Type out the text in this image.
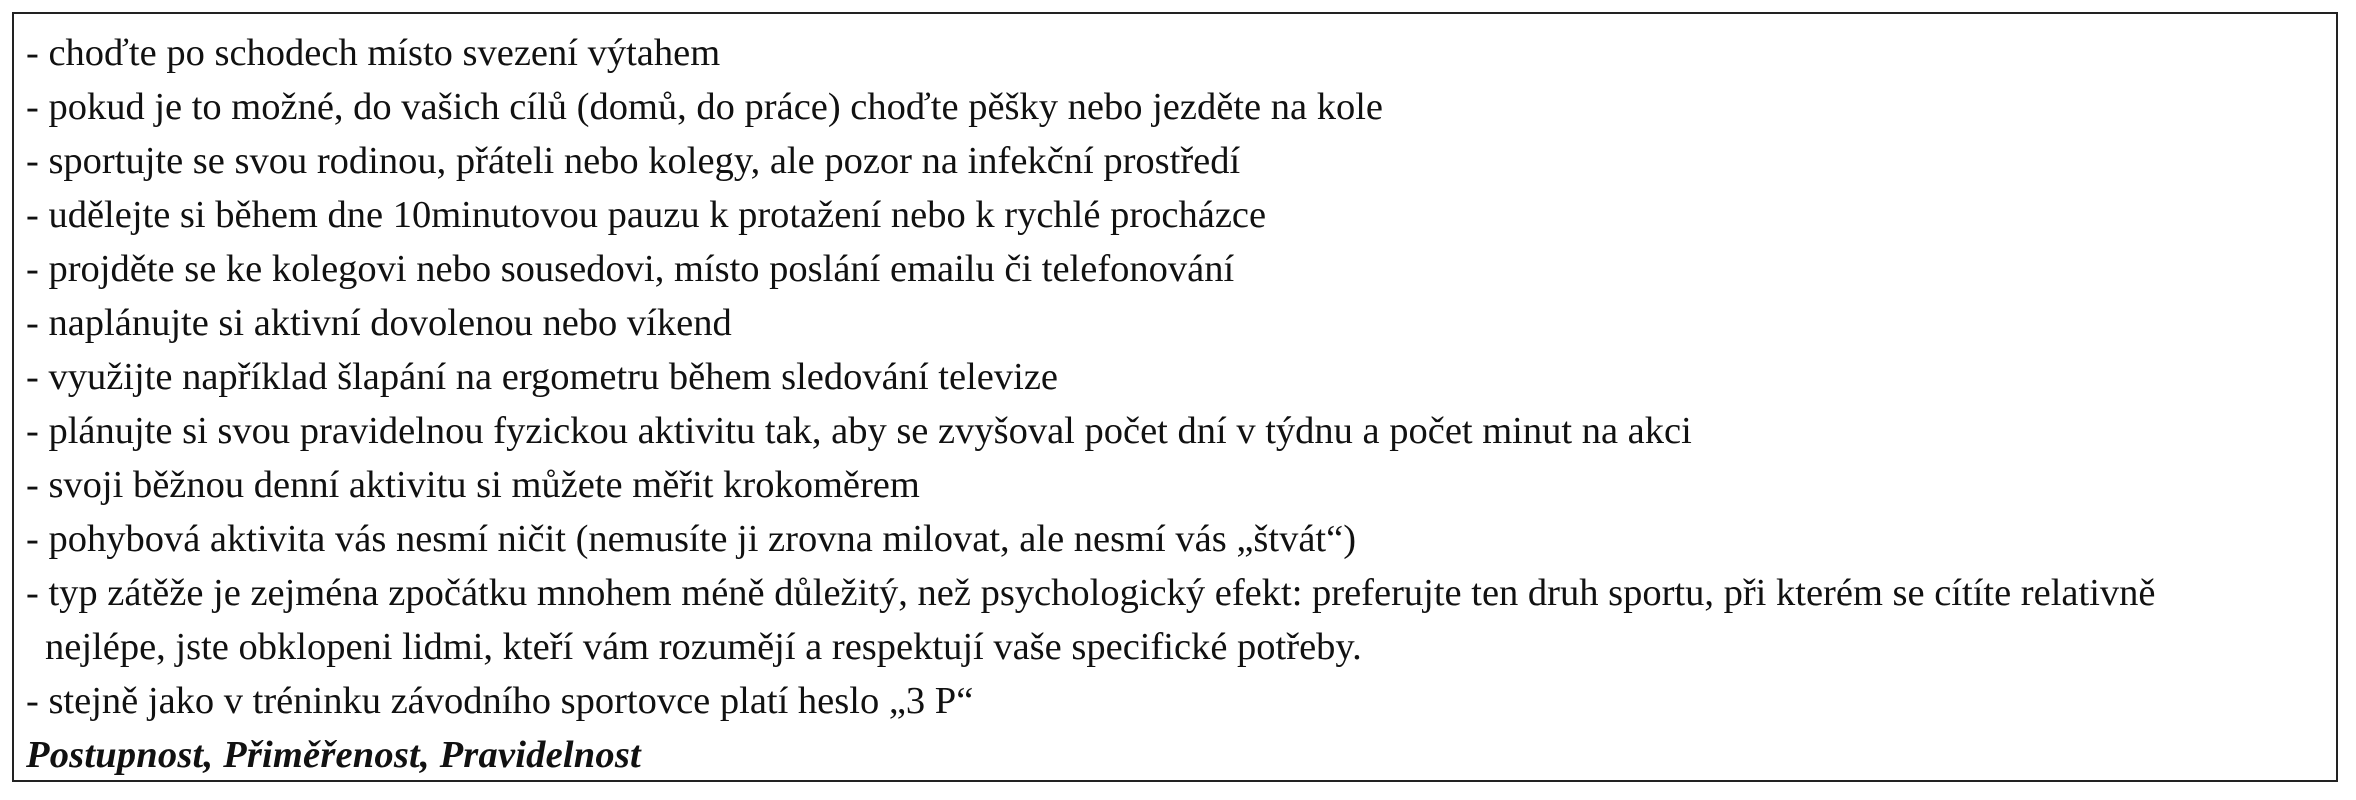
- choďte po schodech místo svezení výtahem

- pokud je to možné, do vašich cílů (domů, do práce) choďte pěšky nebo jezděte na kole

- sportujte se svou rodinou, přáteli nebo kolegy, ale pozor na infekční prostředí

- udělejte si během dne 10minutovou pauzu k protažení nebo k rychlé procházce

- projděte se ke kolegovi nebo sousedovi, místo poslání emailu či telefonování

- naplánujte si aktivní dovolenou nebo víkend

- využijte například šlapání na ergometru během sledování televize

- plánujte si svou pravidelnou fyzickou aktivitu tak, aby se zvyšoval počet dní v týdnu a počet minut na akci

- svoji běžnou denní aktivitu si můžete měřit krokoměrem

- pohybová aktivita vás nesmí ničit (nemusíte ji zrovna milovat, ale nesmí vás „štvát“)

- typ zátěže je zejména zpočátku mnohem méně důležitý, než psychologický efekt: preferujte ten druh sportu, při kterém se cítíte relativně

nejlépe, jste obklopeni lidmi, kteří vám rozumějí a respektují vaše specifické potřeby.

- stejně jako v tréninku závodního sportovce platí heslo „3 P“

Postupnost, Přiměřenost, Pravidelnost
